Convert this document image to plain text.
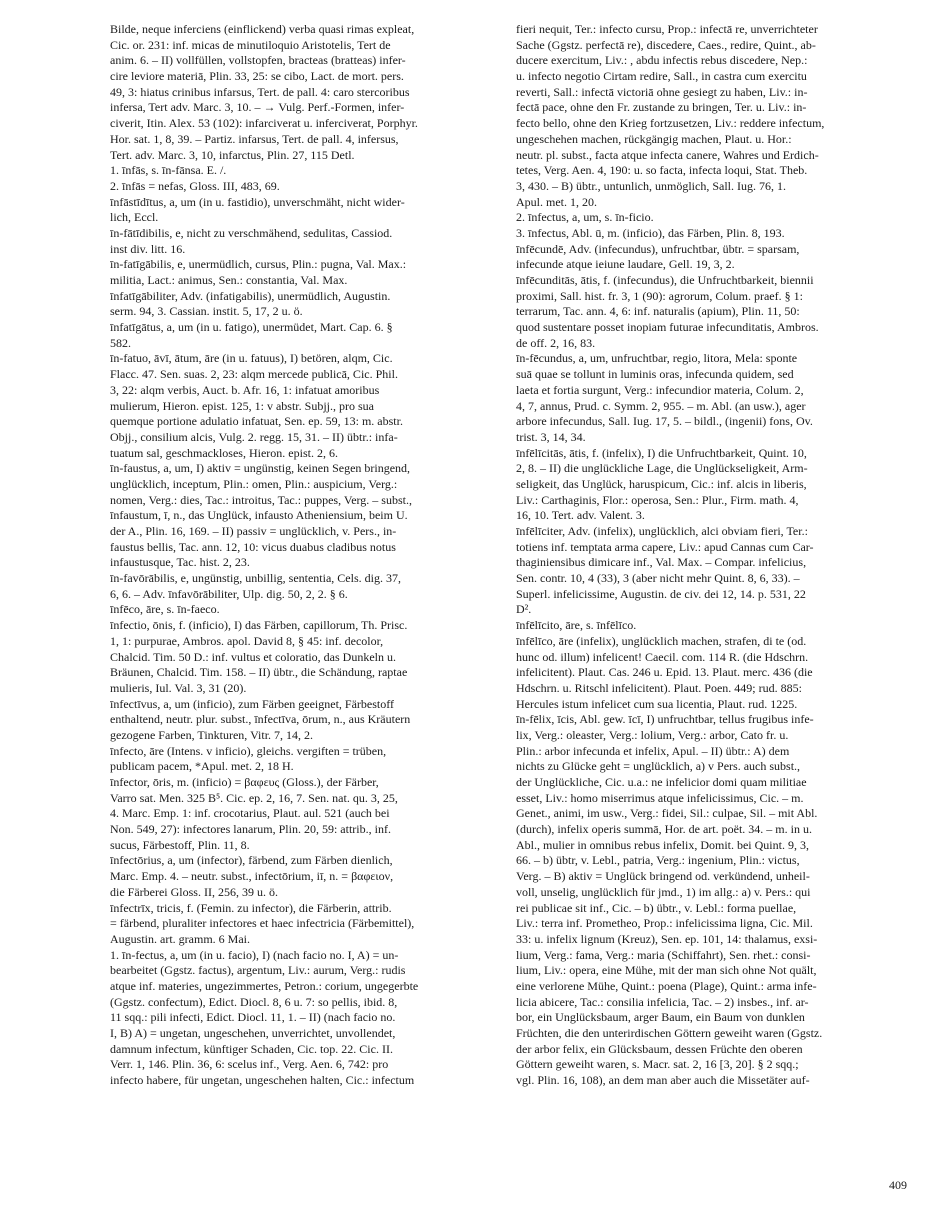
Bilde, neque inferciens (einflickend) verba quasi rimas expleat,
Cic. or. 231: inf. micas de minutiloquio Aristotelis, Tert de
anim. 6. – II) vollfüllen, vollstopfen, bracteas (bratteas) infer-
cire leviore materiā, Plin. 33, 25: se cibo, Lact. de mort. pers.
49, 3: hiatus crinibus infarsus, Tert. de pall. 4: caro stercoribus
infersa, Tert adv. Marc. 3, 10. – → Vulg. Perf.-Formen, infer-
civerit, Itin. Alex. 53 (102): infarciverat u. inferciverat, Porphyr.
Hor. sat. 1, 8, 39. – Partiz. infarsus, Tert. de pall. 4, infersus,
Tert. adv. Marc. 3, 10, infarctus, Plin. 27, 115 Detl.
1. īnfās, s. īn-fānsa. E. /.
2. īnfās = nefas, Gloss. III, 483, 69.
īnfāstīdītus, a, um (in u. fastidio), unverschmäht, nicht wider-
lich, Eccl.
īn-fātīdibilis, e, nicht zu verschmähend, sedulitas, Cassiod.
inst div. litt. 16.
īn-fatīgābilis, e, unermüdlich, cursus, Plin.: pugna, Val. Max.:
militia, Lact.: animus, Sen.: constantia, Val. Max.
īnfatīgābiliter, Adv. (infatigabilis), unermüdlich, Augustin.
serm. 94, 3. Cassian. instit. 5, 17, 2 u. ö.
īnfatīgātus, a, um (in u. fatigo), unermüdet, Mart. Cap. 6. §
582.
īn-fatuo, āvī, ātum, āre (in u. fatuus), I) betören, alqm, Cic.
Flacc. 47. Sen. suas. 2, 23: alqm mercede publicā, Cic. Phil.
3, 22: alqm verbis, Auct. b. Afr. 16, 1: infatuat amoribus
mulierum, Hieron. epist. 125, 1: v abstr. Subjj., pro sua
quemque portione adulatio infatuat, Sen. ep. 59, 13: m. abstr.
Objj., consilium alcis, Vulg. 2. regg. 15, 31. – II) übtr.: infa-
tuatum sal, geschmackloses, Hieron. epist. 2, 6.
īn-faustus, a, um, I) aktiv = ungünstig, keinen Segen bringend,
unglücklich, inceptum, Plin.: omen, Plin.: auspicium, Verg.:
nomen, Verg.: dies, Tac.: introitus, Tac.: puppes, Verg. – subst.,
īnfaustum, ī, n., das Unglück, infausto Atheniensium, beim U.
der A., Plin. 16, 169. – II) passiv = unglücklich, v. Pers., in-
faustus bellis, Tac. ann. 12, 10: vicus duabus cladibus notus
infaustusque, Tac. hist. 2, 23.
īn-favōrābilis, e, ungünstig, unbillig, sententia, Cels. dig. 37,
6, 6. – Adv. īnfavōrābiliter, Ulp. dig. 50, 2, 2. § 6.
īnfēco, āre, s. īn-faeco.
īnfectio, ōnis, f. (inficio), I) das Färben, capillorum, Th. Prisc.
1, 1: purpurae, Ambros. apol. David 8, § 45: inf. decolor,
Chalcid. Tim. 50 D.: inf. vultus et coloratio, das Dunkeln u.
Bräunen, Chalcid. Tim. 158. – II) übtr., die Schändung, raptae
mulieris, Iul. Val. 3, 31 (20).
īnfectīvus, a, um (inficio), zum Färben geeignet, Färbestoff
enthaltend, neutr. plur. subst., īnfectīva, ōrum, n., aus Kräutern
gezogene Farben, Tinkturen, Vitr. 7, 14, 2.
īnfecto, āre (Intens. v inficio), gleichs. vergiften = trüben,
publicam pacem, *Apul. met. 2, 18 H.
īnfector, ōris, m. (inficio) = βαφευς (Gloss.), der Färber,
Varro sat. Men. 325 B⁵. Cic. ep. 2, 16, 7. Sen. nat. qu. 3, 25,
4. Marc. Emp. 1: inf. crocotarius, Plaut. aul. 521 (auch bei
Non. 549, 27): infectores lanarum, Plin. 20, 59: attrib., inf.
sucus, Färbestoff, Plin. 11, 8.
īnfectōrius, a, um (infector), färbend, zum Färben dienlich,
Marc. Emp. 4. – neutr. subst., infectōrium, iī, n. = βαφειον,
die Färberei Gloss. II, 256, 39 u. ö.
īnfectrīx, tricis, f. (Femin. zu infector), die Färberin, attrib.
= färbend, pluraliter infectores et haec infectricia (Färbemittel),
Augustin. art. gramm. 6 Mai.
1. īn-fectus, a, um (in u. facio), I) (nach facio no. I, A) = un-
bearbeitet (Ggstz. factus), argentum, Liv.: aurum, Verg.: rudis
atque inf. materies, ungezimmertes, Petron.: corium, ungegerbte
(Ggstz. confectum), Edict. Diocl. 8, 6 u. 7: so pellis, ibid. 8,
11 sqq.: pili infecti, Edict. Diocl. 11, 1. – II) (nach facio no.
I, B) A) = ungetan, ungeschehen, unverrichtet, unvollendet,
damnum infectum, künftiger Schaden, Cic. top. 22. Cic. II.
Verr. 1, 146. Plin. 36, 6: scelus inf., Verg. Aen. 6, 742: pro
infecto habere, für ungetan, ungeschehen halten, Cic.: infectum
fieri nequit, Ter.: infecto cursu, Prop.: infectā re, unverrichteter
Sache (Ggstz. perfectā re), discedere, Caes., redire, Quint., ab-
ducere exercitum, Liv.: , abdu infectis rebus discedere, Nep.:
u. infecto negotio Cirtam redire, Sall., in castra cum exercitu
reverti, Sall.: infectā victoriā ohne gesiegt zu haben, Liv.: in-
fectā pace, ohne den Fr. zustande zu bringen, Ter. u. Liv.: in-
fecto bello, ohne den Krieg fortzusetzen, Liv.: reddere infectum,
ungeschehen machen, rückgängig machen, Plaut. u. Hor.:
neutr. pl. subst., facta atque infecta canere, Wahres und Erdich-
tetes, Verg. Aen. 4, 190: u. so facta, infecta loqui, Stat. Theb.
3, 430. – B) übtr., untunlich, unmöglich, Sall. Iug. 76, 1.
Apul. met. 1, 20.
2. īnfectus, a, um, s. īn-ficio.
3. īnfectus, Abl. ū, m. (inficio), das Färben, Plin. 8, 193.
īnfēcundē, Adv. (infecundus), unfruchtbar, übtr. = sparsam,
infecunde atque ieiune laudare, Gell. 19, 3, 2.
īnfēcunditās, ātis, f. (infecundus), die Unfruchtbarkeit, biennii
proximi, Sall. hist. fr. 3, 1 (90): agrorum, Colum. praef. § 1:
terrarum, Tac. ann. 4, 6: inf. naturalis (apium), Plin. 11, 50:
quod sustentare posset inopiam futurae infecunditatis, Ambros.
de off. 2, 16, 83.
īn-fēcundus, a, um, unfruchtbar, regio, litora, Mela: sponte
suā quae se tollunt in luminis oras, infecunda quidem, sed
laeta et fortia surgunt, Verg.: infecundior materia, Colum. 2,
4, 7, annus, Prud. c. Symm. 2, 955. – m. Abl. (an usw.), ager
arbore infecundus, Sall. Iug. 17, 5. – bildl., (ingenii) fons, Ov.
trist. 3, 14, 34.
īnfēlīcitās, ātis, f. (infelix), I) die Unfruchtbarkeit, Quint. 10,
2, 8. – II) die unglückliche Lage, die Unglückseligkeit, Arm-
seligkeit, das Unglück, haruspicum, Cic.: inf. alcis in liberis,
Liv.: Carthaginis, Flor.: operosa, Sen.: Plur., Firm. math. 4,
16, 10. Tert. adv. Valent. 3.
īnfēlīciter, Adv. (infelix), unglücklich, alci obviam fieri, Ter.:
totiens inf. temptata arma capere, Liv.: apud Cannas cum Car-
thaginiensibus dimicare inf., Val. Max. – Compar. infelicius,
Sen. contr. 10, 4 (33), 3 (aber nicht mehr Quint. 8, 6, 33). –
Superl. infelicissime, Augustin. de civ. dei 12, 14. p. 531, 22
D².
īnfēlīcito, āre, s. īnfēlīco.
īnfēlīco, āre (infelix), unglücklich machen, strafen, di te (od.
hunc od. illum) infelicent! Caecil. com. 114 R. (die Hdschrn.
infelicitent). Plaut. Cas. 246 u. Epid. 13. Plaut. merc. 436 (die
Hdschrn. u. Ritschl infelicitent). Plaut. Poen. 449; rud. 885:
Hercules istum infelicet cum sua licentia, Plaut. rud. 1225.
īn-fēlix, īcis, Abl. gew. īcī, I) unfruchtbar, tellus frugibus infe-
lix, Verg.: oleaster, Verg.: lolium, Verg.: arbor, Cato fr. u.
Plin.: arbor infecunda et infelix, Apul. – II) übtr.: A) dem
nichts zu Glücke geht = unglücklich, a) v Pers. auch subst.,
der Unglückliche, Cic. u.a.: ne infelicior domi quam militiae
esset, Liv.: homo miserrimus atque infelicissimus, Cic. – m.
Genet., animi, im usw., Verg.: fidei, Sil.: culpae, Sil. – mit Abl.
(durch), infelix operis summā, Hor. de art. poët. 34. – m. in u.
Abl., mulier in omnibus rebus infelix, Domit. bei Quint. 9, 3,
66. – b) übtr, v. Lebl., patria, Verg.: ingenium, Plin.: victus,
Verg. – B) aktiv = Unglück bringend od. verkündend, unheil-
voll, unselig, unglücklich für jmd., 1) im allg.: a) v. Pers.: qui
rei publicae sit inf., Cic. – b) übtr., v. Lebl.: forma puellae,
Liv.: terra inf. Prometheo, Prop.: infelicissima ligna, Cic. Mil.
33: u. infelix lignum (Kreuz), Sen. ep. 101, 14: thalamus, exsi-
lium, Verg.: fama, Verg.: maria (Schiffahrt), Sen. rhet.: consi-
lium, Liv.: opera, eine Mühe, mit der man sich ohne Not quält,
eine verlorene Mühe, Quint.: poena (Plage), Quint.: arma infe-
licia abicere, Tac.: consilia infelicia, Tac. – 2) insbes., inf. ar-
bor, ein Unglücksbaum, arger Baum, ein Baum von dunklen
Früchten, die den unterirdischen Göttern geweiht waren (Ggstz.
der arbor felix, ein Glücksbaum, dessen Früchte den oberen
Göttern geweiht waren, s. Macr. sat. 2, 16 [3, 20]. § 2 sqq.;
vgl. Plin. 16, 108), an dem man aber auch die Missetäter auf-
409
